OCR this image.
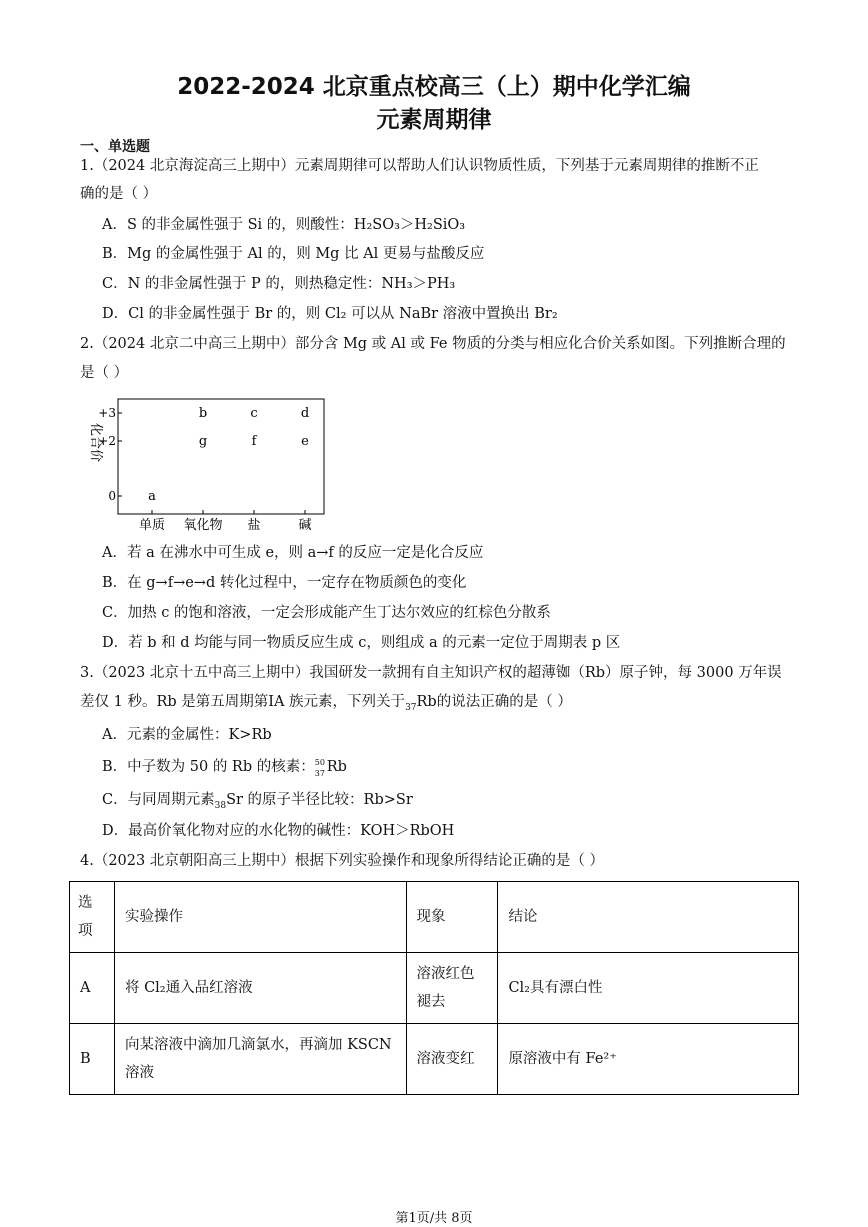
2022-2024 北京重点校高三（上）期中化学汇编
元素周期律
一、单选题
1.（2024 北京海淀高三上期中）元素周期律可以帮助人们认识物质性质，下列基于元素周期律的推断不正
确的是（ ）
A．S 的非金属性强于 Si 的，则酸性：H₂SO₃＞H₂SiO₃
B．Mg 的金属性强于 Al 的，则 Mg 比 Al 更易与盐酸反应
C．N 的非金属性强于 P 的，则热稳定性：NH₃＞PH₃
D．Cl 的非金属性强于 Br 的，则 Cl₂ 可以从 NaBr 溶液中置换出 Br₂
2.（2024 北京二中高三上期中）部分含 Mg 或 Al 或 Fe 物质的分类与相应化合价关系如图。下列推断合理的
是（ ）
化合价
+3
+2
0
单质 氧化物 盐	碱
a
b	c	d
g	f	e
A．若 a 在沸水中可生成 e，则 a→f 的反应一定是化合反应
B．在 g→f→e→d 转化过程中，一定存在物质颜色的变化
C．加热 c 的饱和溶液，一定会形成能产生丁达尔效应的红棕色分散系
D．若 b 和 d 均能与同一物质反应生成 c，则组成 a 的元素一定位于周期表 p 区
3.（2023 北京十五中高三上期中）我国研发一款拥有自主知识产权的超薄铷（Rb）原子钟，每 3000 万年误
差仅 1 秒。Rb 是第五周期第ⅠA 族元素，下列关于$_{37}$Rb的说法正确的是（ ）
A．元素的金属性：K>Rb
B．中子数为 50 的 Rb 的核素： 50
37 Rb
C．与同周期元素$_{38}$Sr 的原子半径比较：Rb>Sr
D．最高价氧化物对应的水化物的碱性：KOH＞RbOH
4.（2023 北京朝阳高三上期中）根据下列实验操作和现象所得结论正确的是（ ）
选项	实验操作	现象	结论
A	将 Cl₂通入品红溶液	溶液红色褪去	Cl₂具有漂白性
B	向某溶液中滴加几滴氯水，再滴加 KSCN 溶液	溶液变红	原溶液中有 Fe²⁺
第1页/共 8页
